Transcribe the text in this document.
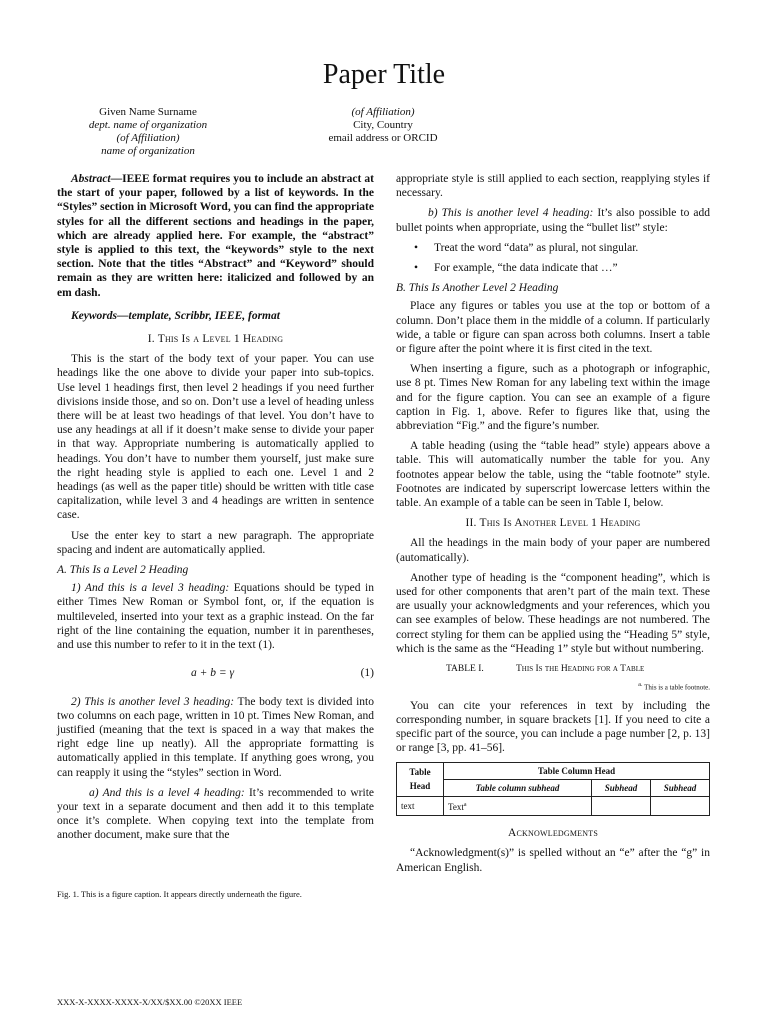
Paper Title
Given Name Surname
dept. name of organization
(of Affiliation)
name of organization
(of Affiliation)
City, Country
email address or ORCID

Abstract—IEEE format requires you to include an abstract at the start of your paper, followed by a list of keywords. In the “Styles” section in Microsoft Word, you can find the appropriate styles for all the different sections and headings in the paper, which are already applied here. For example, the “abstract” style is applied to this text, the “keywords” style to the next section. Note that the titles “Abstract” and “Keyword” should remain as they are written here: italicized and followed by an em dash.

Keywords—template, Scribbr, IEEE, format

I. This Is a Level 1 Heading

This is the start of the body text of your paper. You can use headings like the one above to divide your paper into sub-topics. Use level 1 headings first, then level 2 headings if you need further divisions inside those, and so on. Don’t use a level of heading unless there will be at least two headings of that level. You don’t have to use any headings at all if it doesn’t make sense to divide your paper in that way. Appropriate numbering is automatically applied to headings. You don’t have to number them yourself, just make sure the right heading style is applied to each one. Level 1 and 2 headings (as well as the paper title) should be written with title case capitalization, while level 3 and 4 headings are written in sentence case.

Use the enter key to start a new paragraph. The appropriate spacing and indent are automatically applied.

A. This Is a Level 2 Heading

1) And this is a level 3 heading: Equations should be typed in either Times New Roman or Symbol font, or, if the equation is multileveled, inserted into your text as a graphic instead. On the far right of the line containing the equation, number it in parentheses, and use this number to refer to it in the text (1).

a + b = γ	(1)

2) This is another level 3 heading: The body text is divided into two columns on each page, written in 10 pt. Times New Roman, and justified (meaning that the text is spaced in a way that makes the right edge line up neatly). All the appropriate formatting is automatically applied in this template. If anything goes wrong, you can reapply it using the “styles” section in Word.

a) And this is a level 4 heading: It’s recommended to write your text in a separate document and then add it to this template once it’s complete. When copying text into the template from another document, make sure that the

Fig. 1. This is a figure caption. It appears directly underneath the figure.

appropriate style is still applied to each section, reapplying styles if necessary.

b) This is another level 4 heading: It’s also possible to add bullet points when appropriate, using the “bullet list” style:

• Treat the word “data” as plural, not singular.
• For example, “the data indicate that …”
B. This Is Another Level 2 Heading

Place any figures or tables you use at the top or bottom of a column. Don’t place them in the middle of a column. If particularly wide, a table or figure can span across both columns. Insert a table or figure after the point where it is first cited in the text.

When inserting a figure, such as a photograph or infographic, use 8 pt. Times New Roman for any labeling text within the image and for the figure caption. You can see an example of a figure caption in Fig. 1, above. Refer to figures like that, using the abbreviation “Fig.” and the figure’s number.

A table heading (using the “table head” style) appears above a table. This will automatically number the table for you. Any footnotes appear below the table, using the “table footnote” style. Footnotes are indicated by superscript lowercase letters within the table. An example of a table can be seen in Table I, below.

II. This Is Another Level 1 Heading

All the headings in the main body of your paper are numbered (automatically).

Another type of heading is the “component heading”, which is used for other components that aren’t part of the main text. These are usually your acknowledgments and your references, which you can see examples of below. These headings are not numbered. The correct styling for them can be applied using the “Heading 5” style, which is the same as the “Heading 1” style but without numbering.

TABLE I.	This Is the Heading for a Table
$^{a.}$ This is a table footnote.

You can cite your references in text by including the corresponding number, in square brackets [1]. If you need to cite a specific part of the source, you can include a page number [2, p. 13] or range [3, pp. 41–56].

Table Head	Table Column Head		
	Table column subhead	Subhead	Subhead
text	Text$^a$		
Acknowledgments

“Acknowledgment(s)” is spelled without an “e” after the “g” in American English.

XXX-X-XXXX-XXXX-X/XX/$XX.00 ©20XX IEEE
